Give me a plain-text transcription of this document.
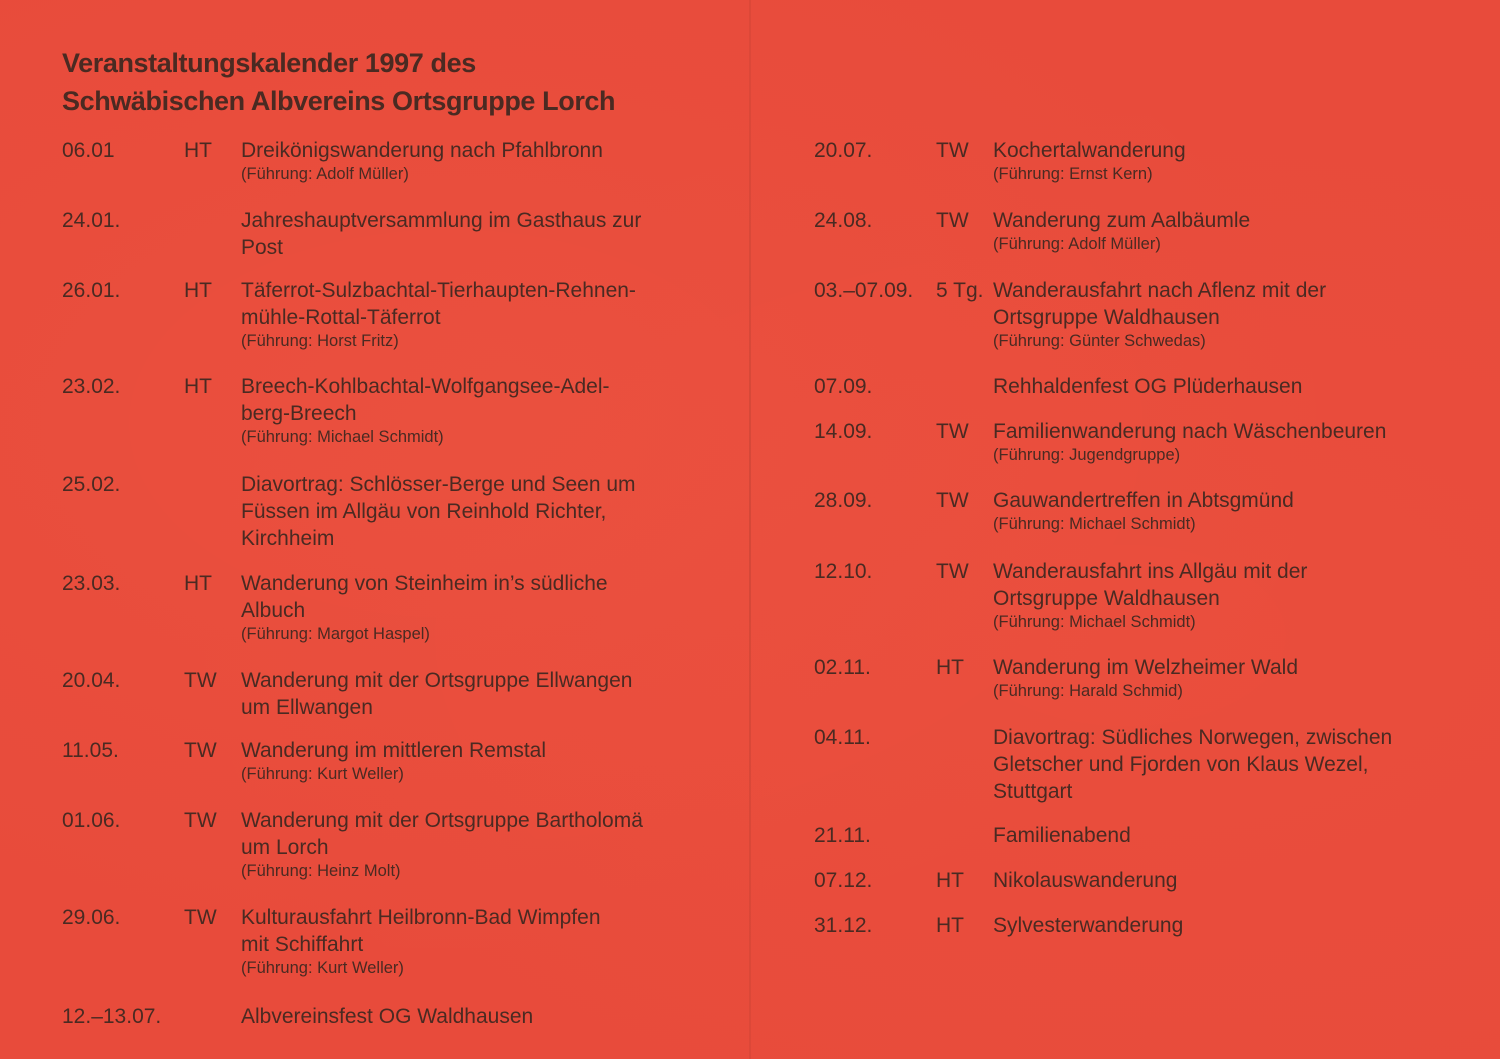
Veranstaltungskalender 1997 des
Schwäbischen Albvereins Ortsgruppe Lorch
06.01	HT Dreikönigswanderung nach Pfahlbronn
(Führung: Adolf Müller)
24.01.	Jahreshauptversammlung im Gasthaus zur
Post
26.01.	HT Täferrot-Sulzbachtal-Tierhaupten-Rehnen-
mühle-Rottal-Täferrot
(Führung: Horst Fritz)
23.02.	HT Breech-Kohlbachtal-Wolfgangsee-Adel-
berg-Breech
(Führung: Michael Schmidt)
25.02.	Diavortrag: Schlösser-Berge und Seen um
Füssen im Allgäu von Reinhold Richter,
Kirchheim
23.03.	HT Wanderung von Steinheim in’s südliche
Albuch
(Führung: Margot Haspel)
20.04.	TW Wanderung mit der Ortsgruppe Ellwangen
um Ellwangen
11.05.	TW Wanderung im mittleren Remstal
(Führung: Kurt Weller)
01.06.	TW Wanderung mit der Ortsgruppe Bartholomä
um Lorch
(Führung: Heinz Molt)
29.06.	TW Kulturausfahrt Heilbronn-Bad Wimpfen
mit Schiffahrt
(Führung: Kurt Weller)
12.–13.07.	Albvereinsfest OG Waldhausen
20.07.	TW Kochertalwanderung
(Führung: Ernst Kern)
24.08.	TW Wanderung zum Aalbäumle
(Führung: Adolf Müller)
03.–07.09. 5 Tg. Wanderausfahrt nach Aflenz mit der
Ortsgruppe Waldhausen
(Führung: Günter Schwedas)
07.09.	Rehhaldenfest OG Plüderhausen
14.09.	TW Familienwanderung nach Wäschenbeuren
(Führung: Jugendgruppe)
28.09.	TW Gauwandertreffen in Abtsgmünd
(Führung: Michael Schmidt)
12.10.	TW Wanderausfahrt ins Allgäu mit der
Ortsgruppe Waldhausen
(Führung: Michael Schmidt)
02.11.	HT Wanderung im Welzheimer Wald
(Führung: Harald Schmid)
04.11.	Diavortrag: Südliches Norwegen, zwischen
Gletscher und Fjorden von Klaus Wezel,
Stuttgart
21.11.	Familienabend
07.12.	HT Nikolauswanderung
31.12.	HT Sylvesterwanderung
